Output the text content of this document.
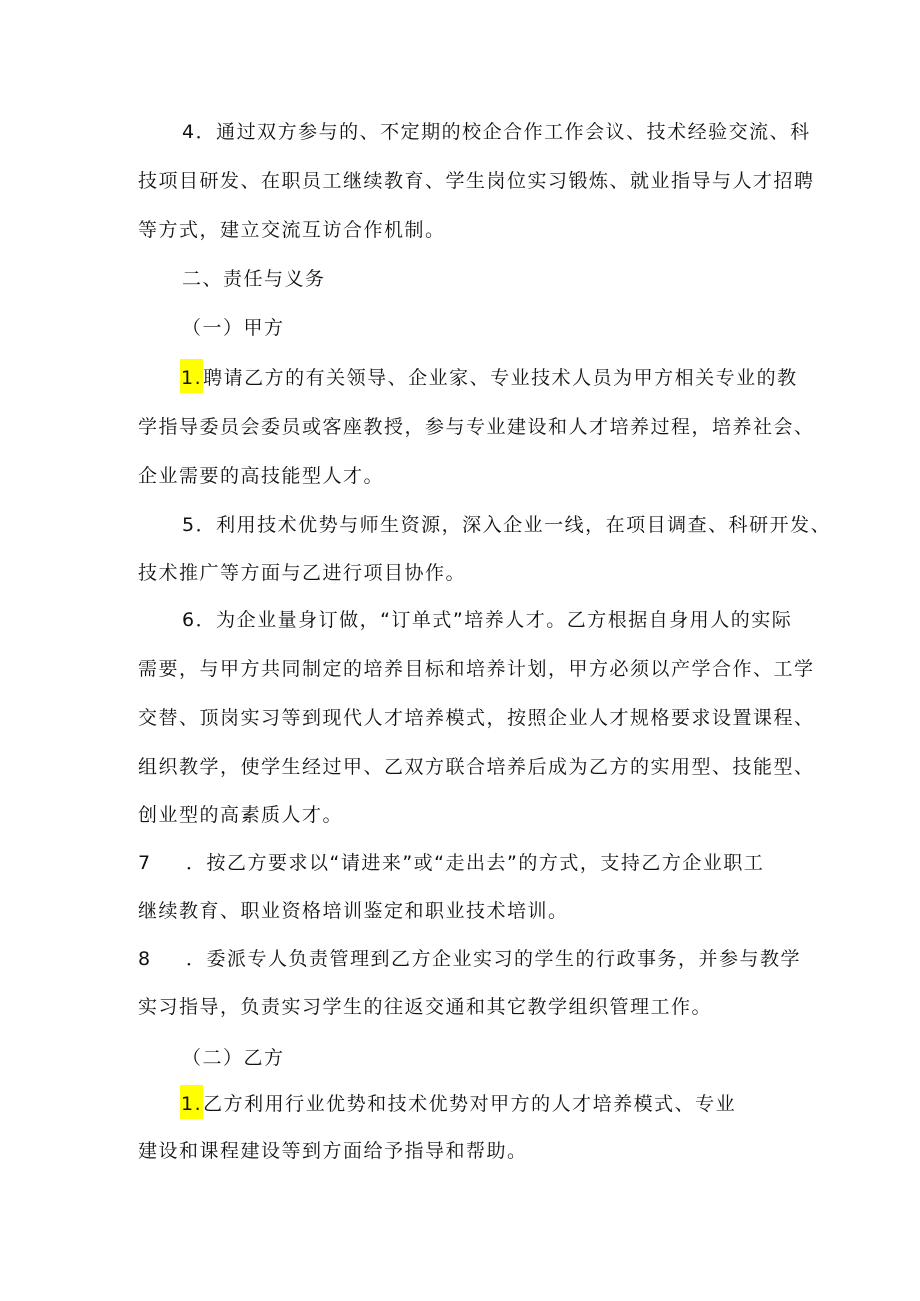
4．通过双方参与的、不定期的校企合作工作会议、技术经验交流、科
技项目研发、在职员工继续教育、学生岗位实习锻炼、就业指导与人才招聘
等方式，建立交流互访合作机制。
二、责任与义务
（一）甲方
1.聘请乙方的有关领导、企业家、专业技术人员为甲方相关专业的教
学指导委员会委员或客座教授，参与专业建设和人才培养过程，培养社会、
企业需要的高技能型人才。
5．利用技术优势与师生资源，深入企业一线，在项目调查、科研开发、
技术推广等方面与乙进行项目协作。
6．为企业量身订做，“订单式”培养人才。乙方根据自身用人的实际
需要，与甲方共同制定的培养目标和培养计划，甲方必须以产学合作、工学
交替、顶岗实习等到现代人才培养模式，按照企业人才规格要求设置课程、
组织教学，使学生经过甲、乙双方联合培养后成为乙方的实用型、技能型、
创业型的高素质人才。
7 ．按乙方要求以“请进来”或“走出去”的方式，支持乙方企业职工
继续教育、职业资格培训鉴定和职业技术培训。
8 ．委派专人负责管理到乙方企业实习的学生的行政事务，并参与教学
实习指导，负责实习学生的往返交通和其它教学组织管理工作。
（二）乙方
1.乙方利用行业优势和技术优势对甲方的人才培养模式、专业
建设和课程建设等到方面给予指导和帮助。
